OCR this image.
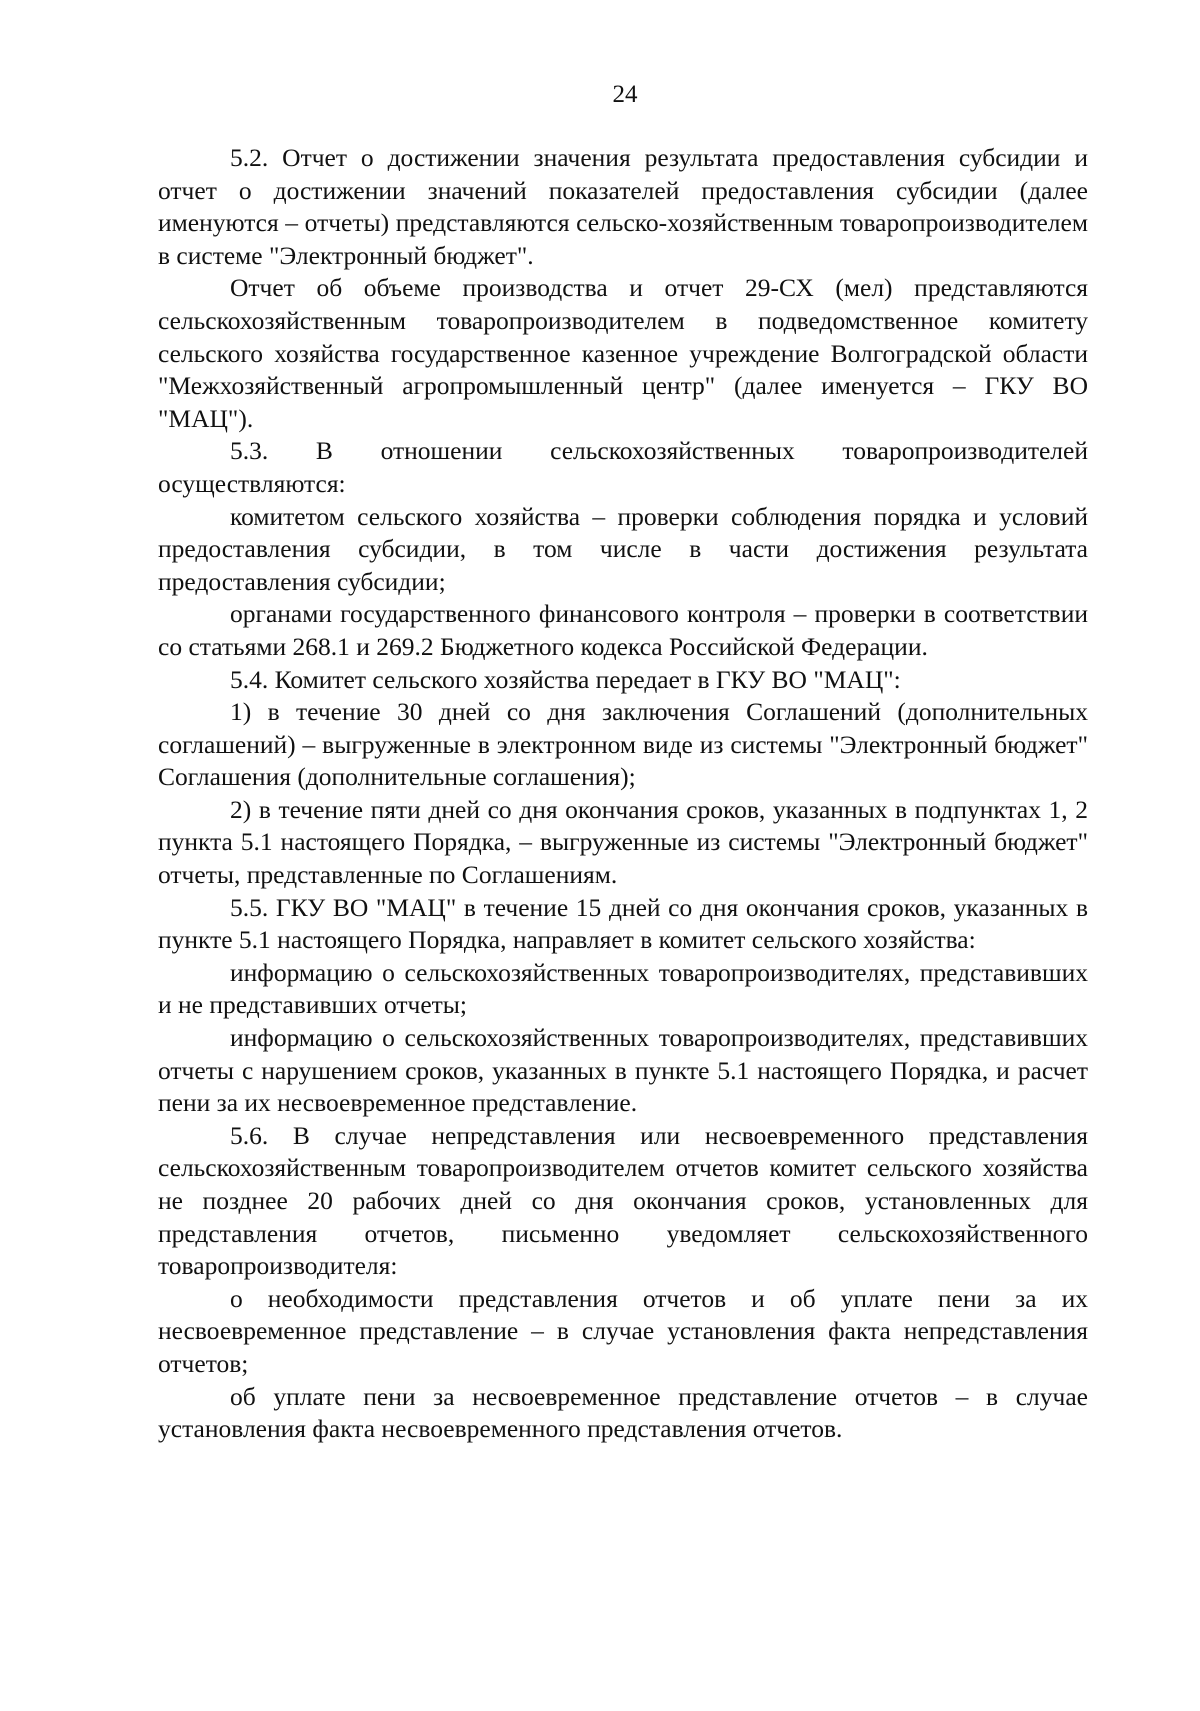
24

5.2. Отчет о достижении значения результата предоставления субсидии и отчет о достижении значений показателей предоставления субсидии (далее именуются – отчеты) представляются сельско-хозяйственным товаропроизводителем в системе "Электронный бюджет".

Отчет об объеме производства и отчет 29-СХ (мел) представляются сельскохозяйственным товаропроизводителем в подведомственное комитету сельского хозяйства государственное казенное учреждение Волгоградской области "Межхозяйственный агропромышленный центр" (далее именуется – ГКУ ВО "МАЦ").

5.3. В отношении сельскохозяйственных товаропроизводителей осуществляются:

комитетом сельского хозяйства – проверки соблюдения порядка и условий предоставления субсидии, в том числе в части достижения результата предоставления субсидии;

органами государственного финансового контроля – проверки в соответствии со статьями 268.1 и 269.2 Бюджетного кодекса Российской Федерации.

5.4. Комитет сельского хозяйства передает в ГКУ ВО "МАЦ":

1) в течение 30 дней со дня заключения Соглашений (дополнительных соглашений) – выгруженные в электронном виде из системы "Электронный бюджет" Соглашения (дополнительные соглашения);

2) в течение пяти дней со дня окончания сроков, указанных в подпунктах 1, 2 пункта 5.1 настоящего Порядка, – выгруженные из системы "Электронный бюджет" отчеты, представленные по Соглашениям.

5.5. ГКУ ВО "МАЦ" в течение 15 дней со дня окончания сроков, указанных в пункте 5.1 настоящего Порядка, направляет в комитет сельского хозяйства:

информацию о сельскохозяйственных товаропроизводителях, представивших и не представивших отчеты;

информацию о сельскохозяйственных товаропроизводителях, представивших отчеты с нарушением сроков, указанных в пункте 5.1 настоящего Порядка, и расчет пени за их несвоевременное представление.

5.6. В случае непредставления или несвоевременного представления сельскохозяйственным товаропроизводителем отчетов комитет сельского хозяйства не позднее 20 рабочих дней со дня окончания сроков, установленных для представления отчетов, письменно уведомляет сельскохозяйственного товаропроизводителя:

о необходимости представления отчетов и об уплате пени за их несвоевременное представление – в случае установления факта непредставления отчетов;

об уплате пени за несвоевременное представление отчетов – в случае установления факта несвоевременного представления отчетов.
